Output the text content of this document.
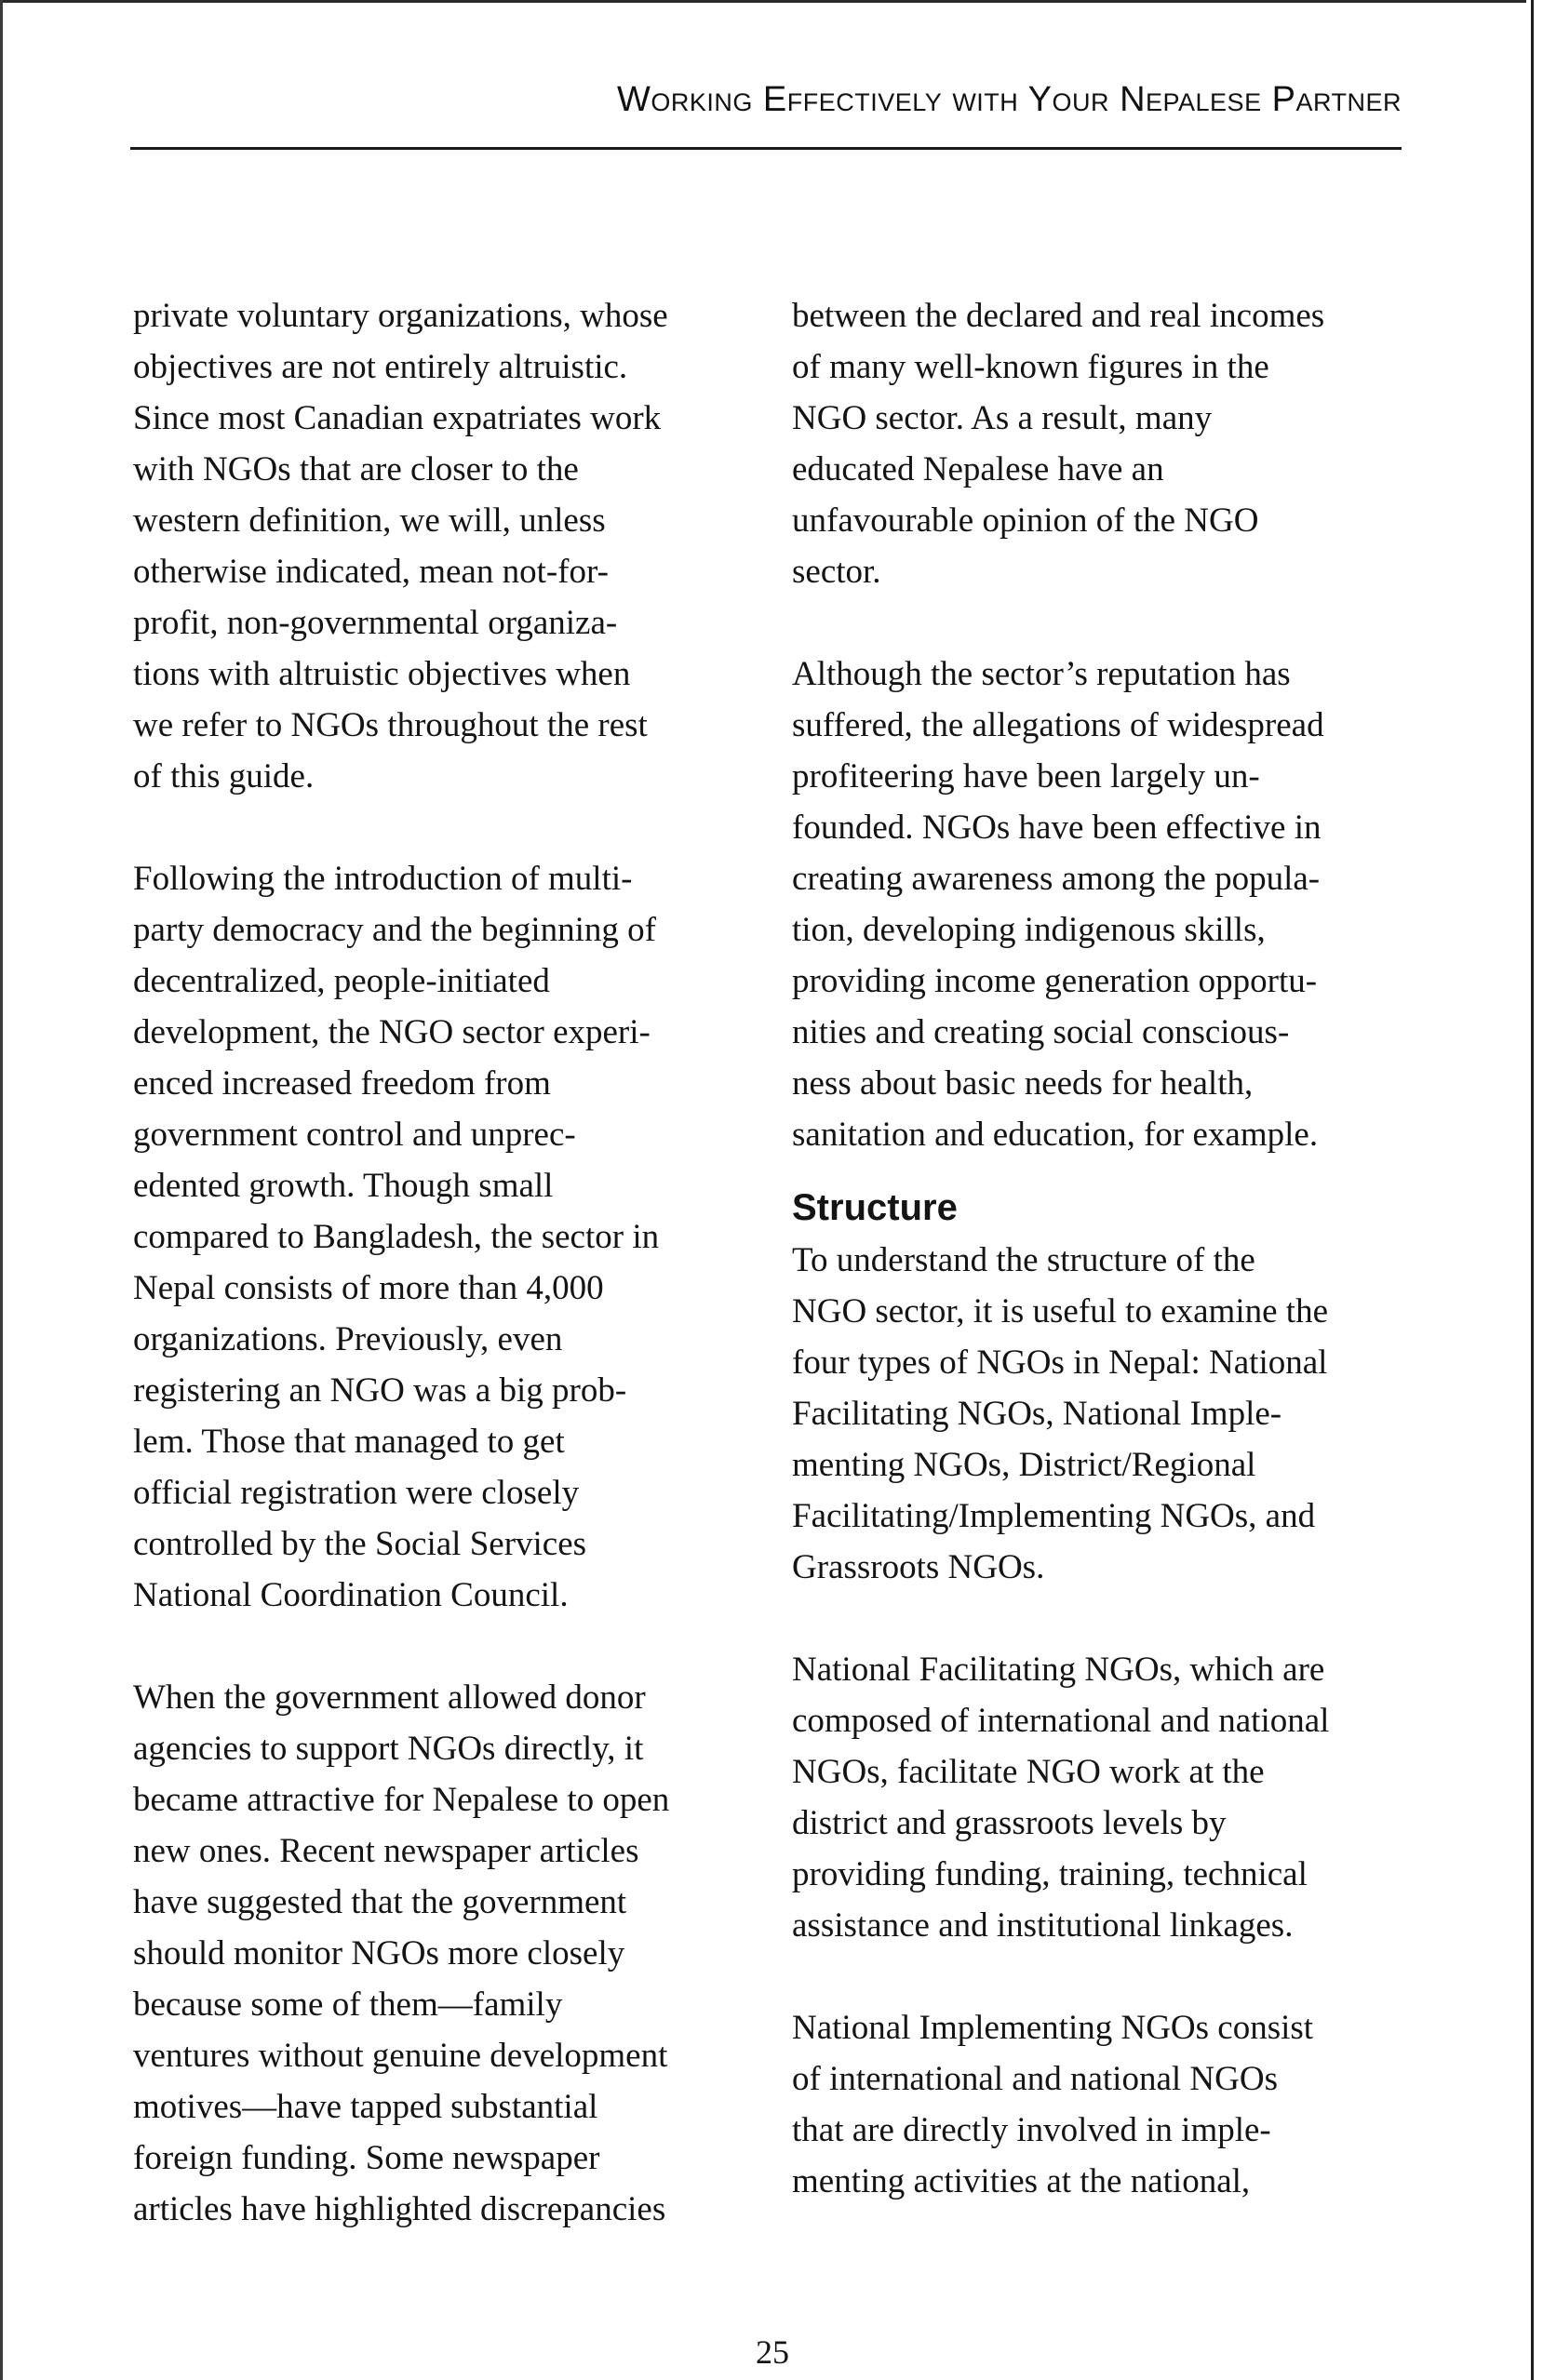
Working Effectively with Your Nepalese Partner

private voluntary organizations, whose
objectives are not entirely altruistic.
Since most Canadian expatriates work
with NGOs that are closer to the
western definition, we will, unless
otherwise indicated, mean not-for-
profit, non-governmental organiza-
tions with altruistic objectives when
we refer to NGOs throughout the rest
of this guide.

Following the introduction of multi-
party democracy and the beginning of
decentralized, people-initiated
development, the NGO sector experi-
enced increased freedom from
government control and unprec-
edented growth. Though small
compared to Bangladesh, the sector in
Nepal consists of more than 4,000
organizations. Previously, even
registering an NGO was a big prob-
lem. Those that managed to get
official registration were closely
controlled by the Social Services
National Coordination Council.

When the government allowed donor
agencies to support NGOs directly, it
became attractive for Nepalese to open
new ones. Recent newspaper articles
have suggested that the government
should monitor NGOs more closely
because some of them—family
ventures without genuine development
motives—have tapped substantial
foreign funding. Some newspaper
articles have highlighted discrepancies

between the declared and real incomes
of many well-known figures in the
NGO sector. As a result, many
educated Nepalese have an
unfavourable opinion of the NGO
sector.

Although the sector’s reputation has
suffered, the allegations of widespread
profiteering have been largely un-
founded. NGOs have been effective in
creating awareness among the popula-
tion, developing indigenous skills,
providing income generation opportu-
nities and creating social conscious-
ness about basic needs for health,
sanitation and education, for example.

Structure

To understand the structure of the
NGO sector, it is useful to examine the
four types of NGOs in Nepal: National
Facilitating NGOs, National Imple-
menting NGOs, District/Regional
Facilitating/Implementing NGOs, and
Grassroots NGOs.

National Facilitating NGOs, which are
composed of international and national
NGOs, facilitate NGO work at the
district and grassroots levels by
providing funding, training, technical
assistance and institutional linkages.

National Implementing NGOs consist
of international and national NGOs
that are directly involved in imple-
menting activities at the national,

25
